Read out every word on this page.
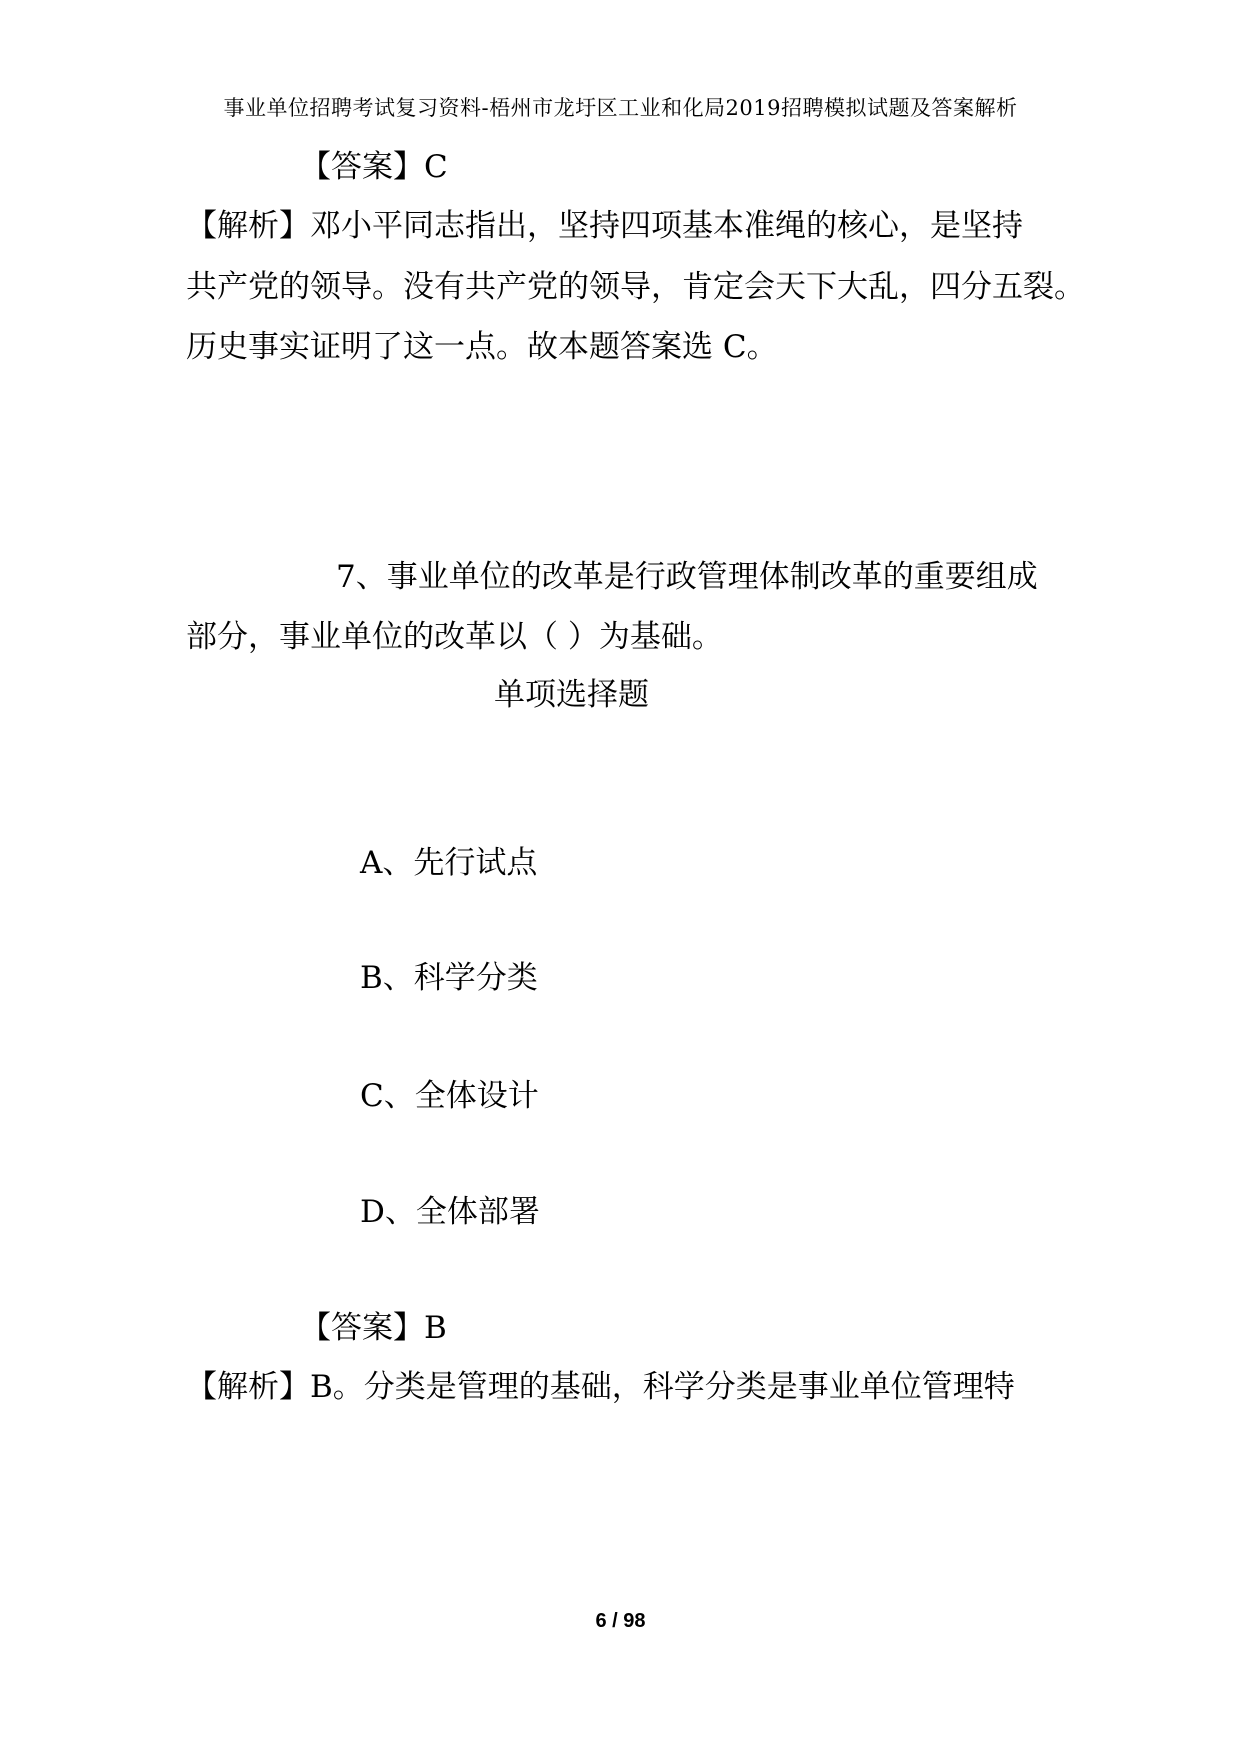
事业单位招聘考试复习资料-梧州市龙圩区工业和化局2019招聘模拟试题及答案解析
【答案】C
【解析】邓小平同志指出，坚持四项基本准绳的核心，是坚持
共产党的领导。没有共产党的领导，肯定会天下大乱，四分五裂。
历史事实证明了这一点。故本题答案选 C。
7、事业单位的改革是行政管理体制改革的重要组成
部分，事业单位的改革以（ ）为基础。
单项选择题
A、先行试点
B、科学分类
C、全体设计
D、全体部署
【答案】B
【解析】B。分类是管理的基础，科学分类是事业单位管理特
6 / 98
